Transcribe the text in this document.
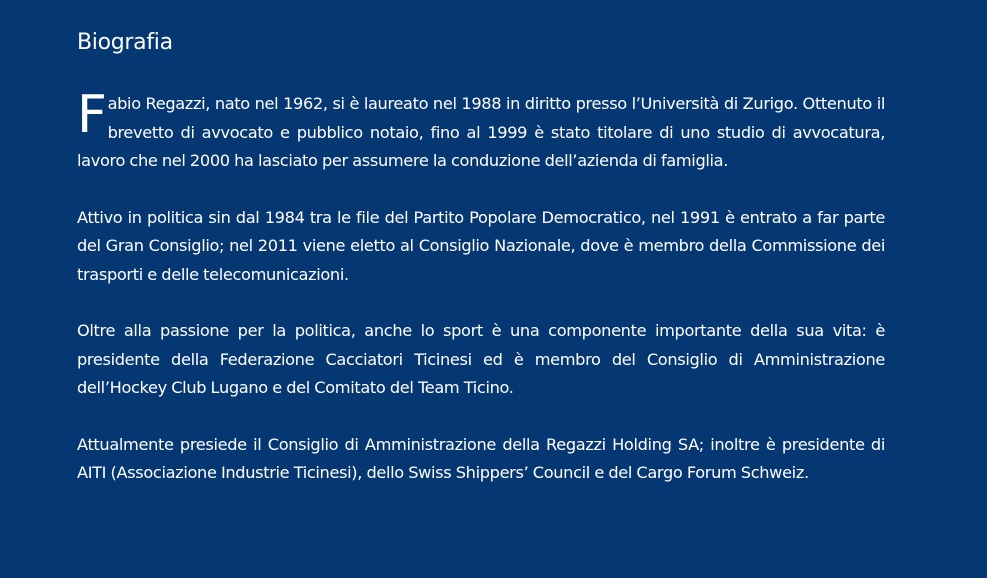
Biografia

Fabio Regazzi, nato nel 1962, si è laureato nel 1988 in diritto presso l’Università di Zurigo. Ottenuto il brevetto di avvocato e pubblico notaio, fino al 1999 è stato titolare di uno studio di avvocatura, lavoro che nel 2000 ha lasciato per assumere la conduzione dell’azienda di famiglia.

Attivo in politica sin dal 1984 tra le file del Partito Popolare Democratico, nel 1991 è entrato a far parte del Gran Consiglio; nel 2011 viene eletto al Consiglio Nazionale, dove è membro della Commissione dei trasporti e delle telecomunicazioni.

Oltre alla passione per la politica, anche lo sport è una componente importante della sua vita: è presidente della Federazione Cacciatori Ticinesi ed è membro del Consiglio di Amministrazione dell’Hockey Club Lugano e del Comitato del Team Ticino.

Attualmente presiede il Consiglio di Amministrazione della Regazzi Holding SA; inoltre è presidente di AITI (Associazione Industrie Ticinesi), dello Swiss Shippers’ Council e del Cargo Forum Schweiz.
